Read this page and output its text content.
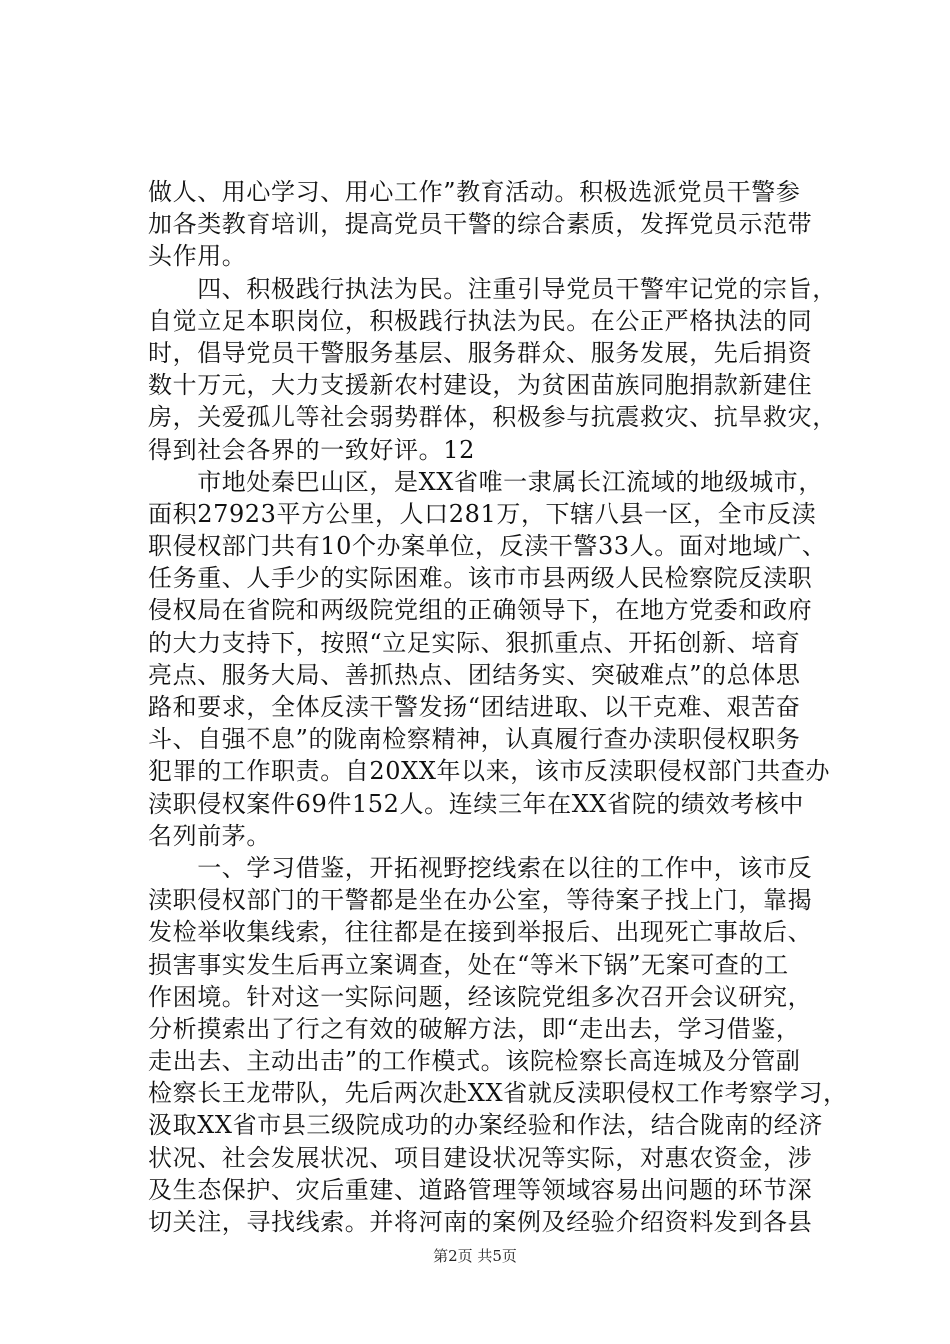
做人、用心学习、用心工作”教育活动。积极选派党员干警参
加各类教育培训，提高党员干警的综合素质，发挥党员示范带
头作用。
　　四、积极践行执法为民。注重引导党员干警牢记党的宗旨，
自觉立足本职岗位，积极践行执法为民。在公正严格执法的同
时，倡导党员干警服务基层、服务群众、服务发展，先后捐资
数十万元，大力支援新农村建设，为贫困苗族同胞捐款新建住
房，关爱孤儿等社会弱势群体，积极参与抗震救灾、抗旱救灾，
得到社会各界的一致好评。12
　　市地处秦巴山区，是XX省唯一隶属长江流域的地级城市，
面积27923平方公里，人口281万，下辖八县一区，全市反渎
职侵权部门共有10个办案单位，反渎干警33人。面对地域广、
任务重、人手少的实际困难。该市市县两级人民检察院反渎职
侵权局在省院和两级院党组的正确领导下，在地方党委和政府
的大力支持下，按照“立足实际、狠抓重点、开拓创新、培育
亮点、服务大局、善抓热点、团结务实、突破难点”的总体思
路和要求，全体反渎干警发扬“团结进取、以干克难、艰苦奋
斗、自强不息”的陇南检察精神，认真履行查办渎职侵权职务
犯罪的工作职责。自20XX年以来，该市反渎职侵权部门共查办
渎职侵权案件69件152人。连续三年在XX省院的绩效考核中
名列前茅。
　　一、学习借鉴，开拓视野挖线索在以往的工作中，该市反
渎职侵权部门的干警都是坐在办公室，等待案子找上门，靠揭
发检举收集线索，往往都是在接到举报后、出现死亡事故后、
损害事实发生后再立案调查，处在“等米下锅”无案可查的工
作困境。针对这一实际问题，经该院党组多次召开会议研究，
分析摸索出了行之有效的破解方法，即“走出去，学习借鉴，
走出去、主动出击”的工作模式。该院检察长高连城及分管副
检察长王龙带队，先后两次赴XX省就反渎职侵权工作考察学习，
汲取XX省市县三级院成功的办案经验和作法，结合陇南的经济
状况、社会发展状况、项目建设状况等实际，对惠农资金，涉
及生态保护、灾后重建、道路管理等领域容易出问题的环节深
切关注，寻找线索。并将河南的案例及经验介绍资料发到各县
第2页 共5页
